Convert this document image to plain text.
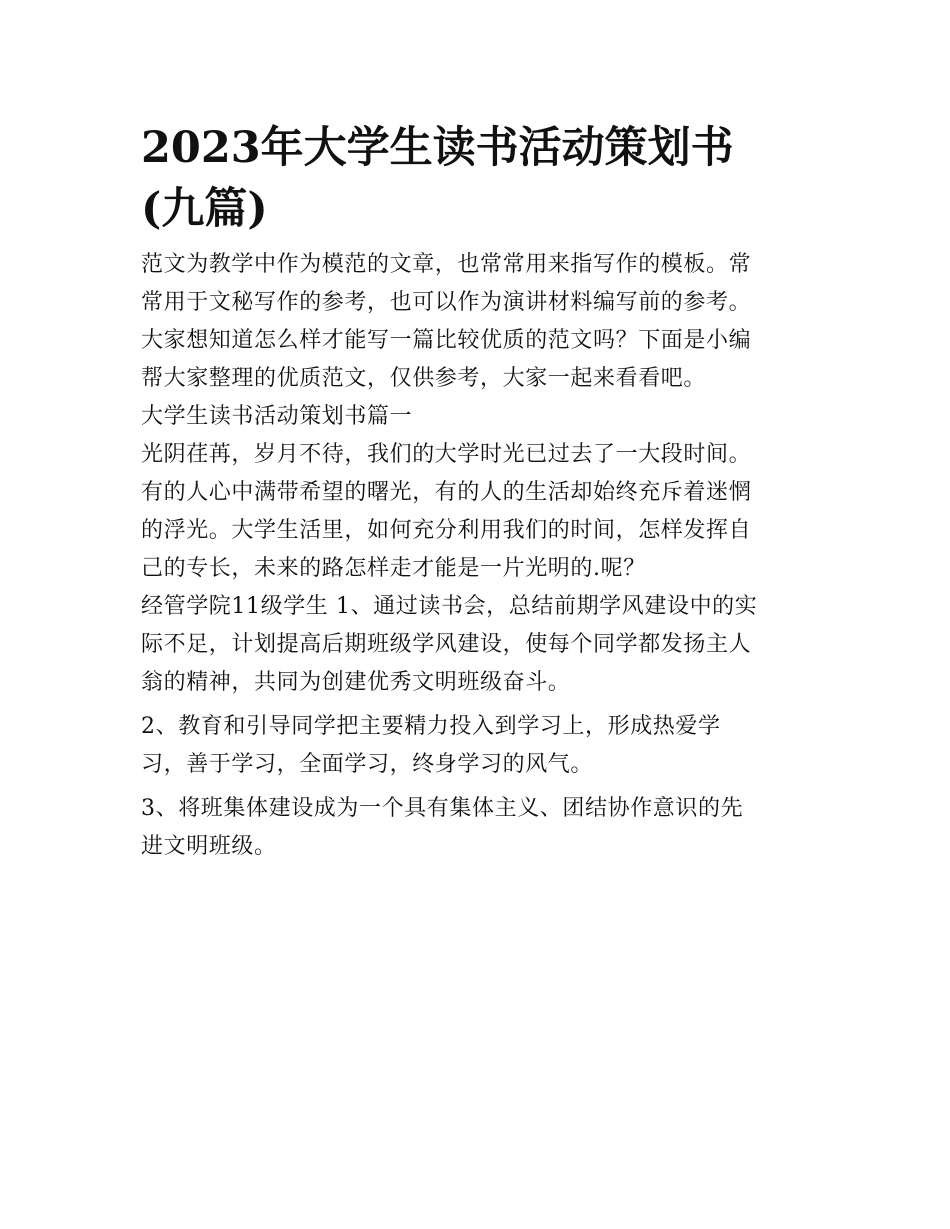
2023年大学生读书活动策划书
(九篇)

范文为教学中作为模范的文章，也常常用来指写作的模板。常
常用于文秘写作的参考，也可以作为演讲材料编写前的参考。
大家想知道怎么样才能写一篇比较优质的范文吗？下面是小编
帮大家整理的优质范文，仅供参考，大家一起来看看吧。

大学生读书活动策划书篇一

光阴荏苒，岁月不待，我们的大学时光已过去了一大段时间。
有的人心中满带希望的曙光，有的人的生活却始终充斥着迷惘
的浮光。大学生活里，如何充分利用我们的时间，怎样发挥自
己的专长，未来的路怎样走才能是一片光明的.呢？

经管学院11级学生 1、通过读书会，总结前期学风建设中的实
际不足，计划提高后期班级学风建设，使每个同学都发扬主人
翁的精神，共同为创建优秀文明班级奋斗。

2、教育和引导同学把主要精力投入到学习上，形成热爱学
习，善于学习，全面学习，终身学习的风气。

3、将班集体建设成为一个具有集体主义、团结协作意识的先
进文明班级。
